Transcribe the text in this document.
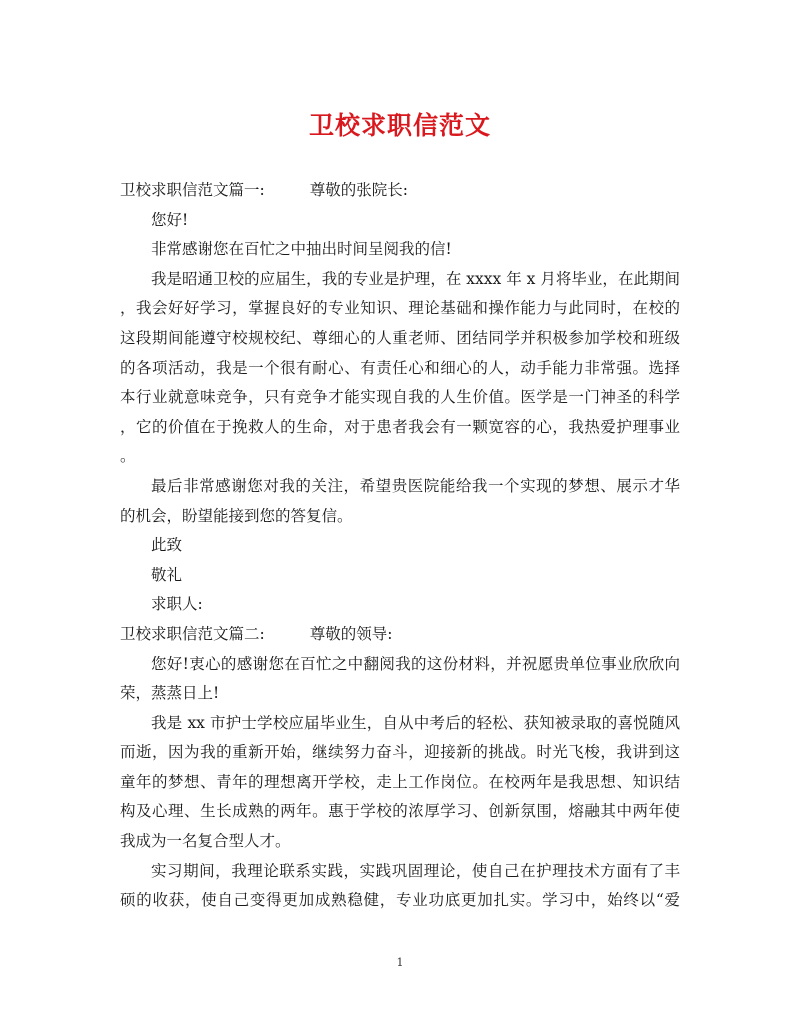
卫校求职信范文
卫校求职信范文篇一:	尊敬的张院长:
您好!
非常感谢您在百忙之中抽出时间呈阅我的信!
我是昭通卫校的应届生，我的专业是护理，在 xxxx 年 x 月将毕业，在此期间
，我会好好学习，掌握良好的专业知识、理论基础和操作能力与此同时，在校的
这段期间能遵守校规校纪、尊细心的人重老师、团结同学并积极参加学校和班级
的各项活动，我是一个很有耐心、有责任心和细心的人，动手能力非常强。选择
本行业就意味竞争，只有竞争才能实现自我的人生价值。医学是一门神圣的科学
，它的价值在于挽救人的生命，对于患者我会有一颗宽容的心，我热爱护理事业
。
最后非常感谢您对我的关注，希望贵医院能给我一个实现的梦想、展示才华
的机会，盼望能接到您的答复信。
此致
敬礼
求职人:
卫校求职信范文篇二:	尊敬的领导:
您好!衷心的感谢您在百忙之中翻阅我的这份材料，并祝愿贵单位事业欣欣向
荣，蒸蒸日上!
我是 xx 市护士学校应届毕业生，自从中考后的轻松、获知被录取的喜悦随风
而逝，因为我的重新开始，继续努力奋斗，迎接新的挑战。时光飞梭，我讲到这
童年的梦想、青年的理想离开学校，走上工作岗位。在校两年是我思想、知识结
构及心理、生长成熟的两年。惠于学校的浓厚学习、创新氛围，熔融其中两年使
我成为一名复合型人才。
实习期间，我理论联系实践，实践巩固理论，使自己在护理技术方面有了丰
硕的收获，使自己变得更加成熟稳健，专业功底更加扎实。学习中，始终以“爱
1
